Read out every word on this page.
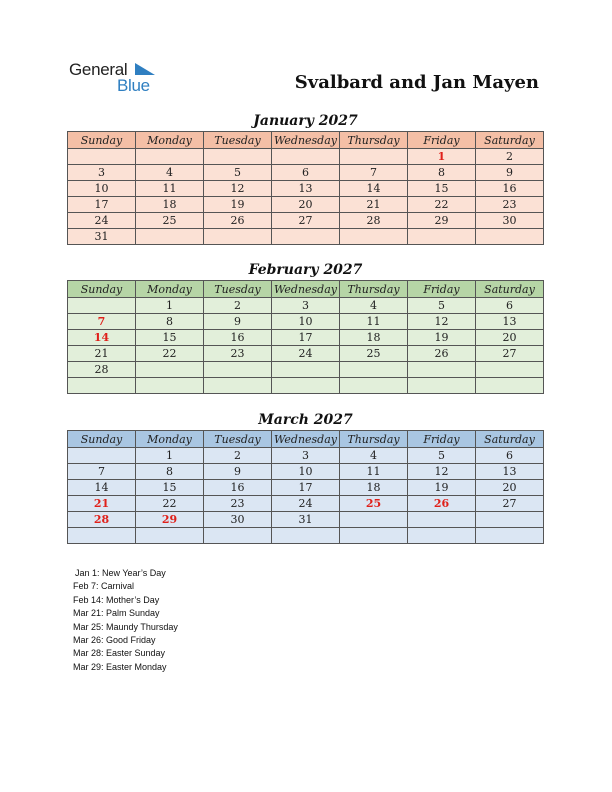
General
Blue	Svalbard and Jan Mayen
January 2027
Sunday	Monday	Tuesday	Wednesday	Thursday	Friday	Saturday
					1	2
3	4	5	6	7	8	9
10	11	12	13	14	15	16
17	18	19	20	21	22	23
24	25	26	27	28	29	30
31						
February 2027
Sunday	Monday	Tuesday	Wednesday	Thursday	Friday	Saturday
	1	2	3	4	5	6
7	8	9	10	11	12	13
14	15	16	17	18	19	20
21	22	23	24	25	26	27
28						

March 2027
Sunday	Monday	Tuesday	Wednesday	Thursday	Friday	Saturday
	1	2	3	4	5	6
7	8	9	10	11	12	13
14	15	16	17	18	19	20
21	22	23	24	25	26	27
28	29	30	31			

Jan 1: New Year’s Day
Feb 7: Carnival
Feb 14: Mother’s Day
Mar 21: Palm Sunday
Mar 25: Maundy Thursday
Mar 26: Good Friday
Mar 28: Easter Sunday
Mar 29: Easter Monday
